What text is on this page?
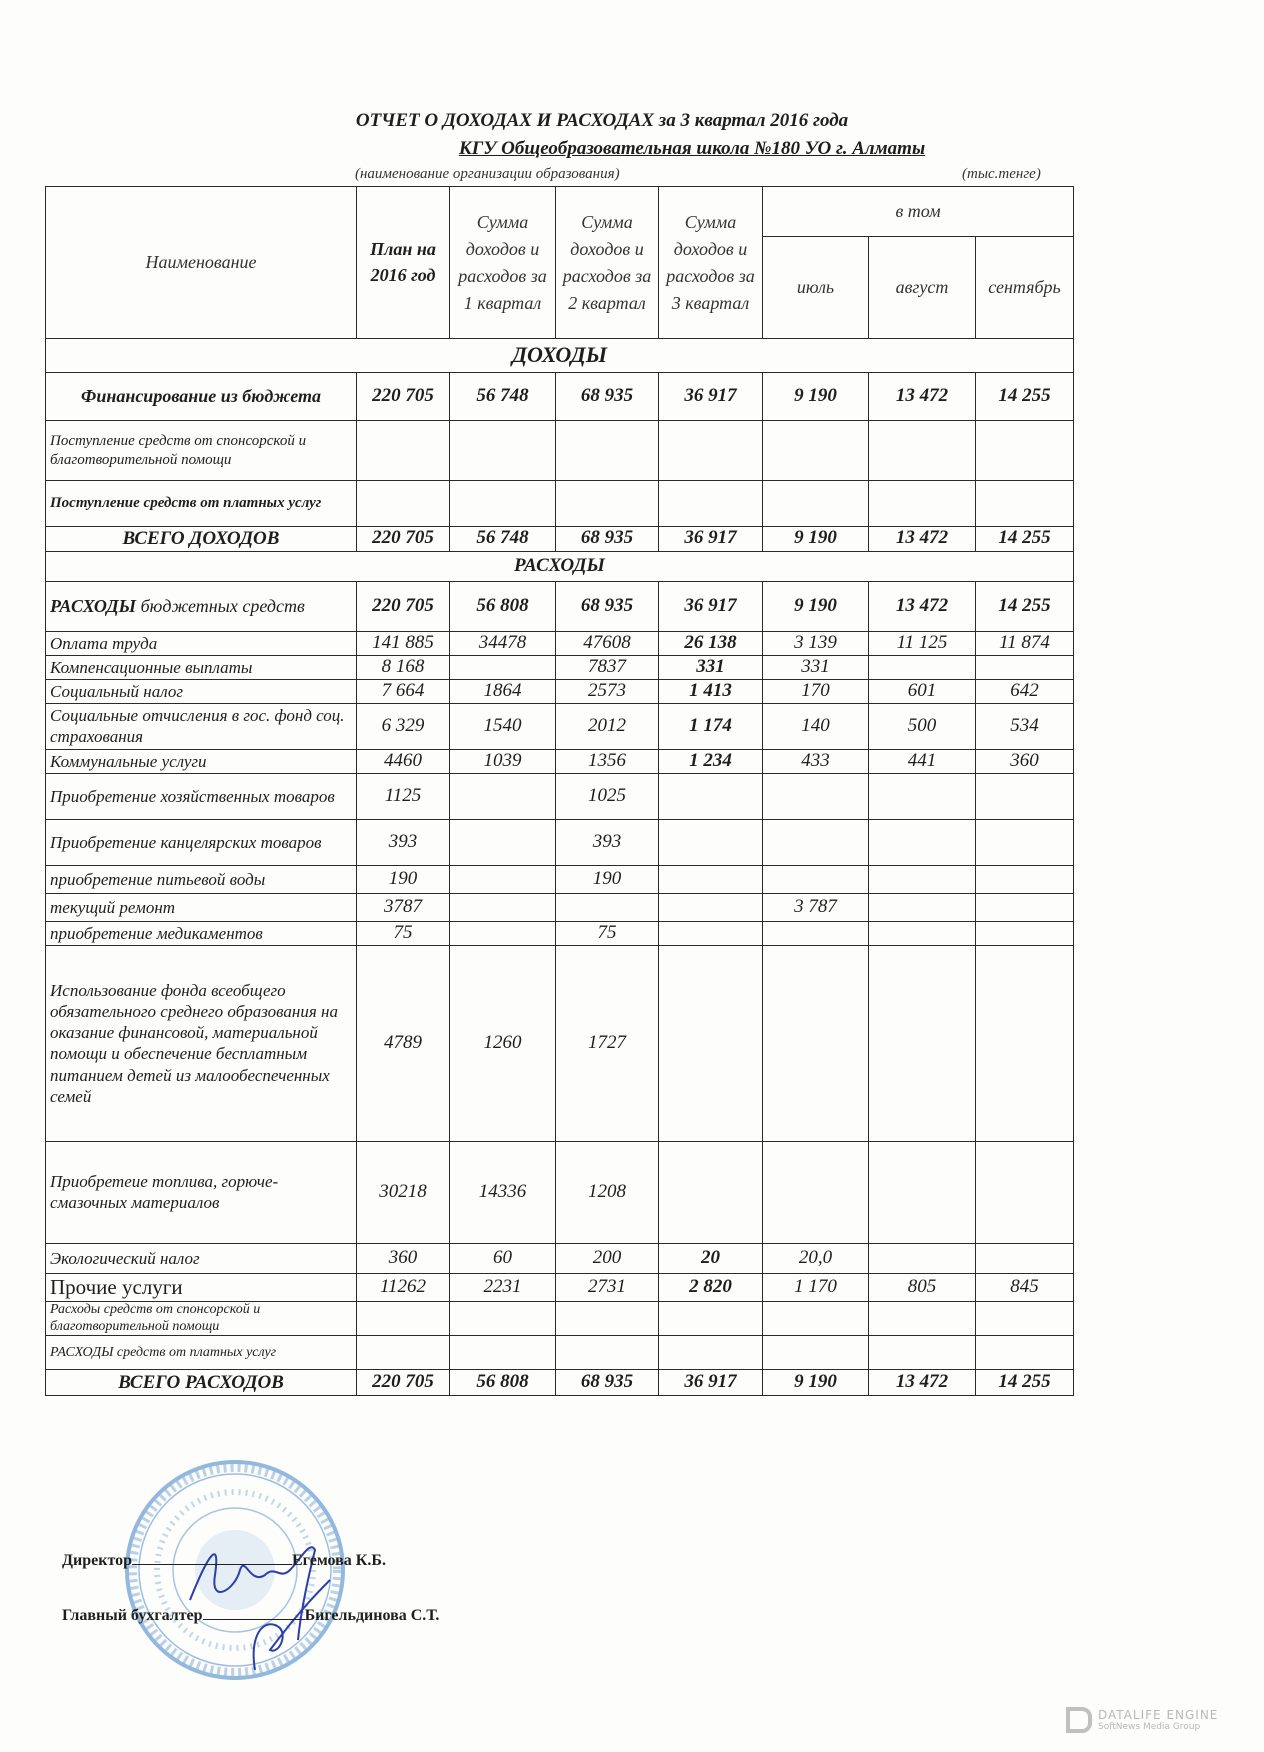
ОТЧЕТ О ДОХОДАХ И РАСХОДАХ за 3 квартал 2016 года
КГУ Общеобразовательная школа №180 УО г. Алматы
(наименование организации образования)	(тыс.тенге)
Наименование	План на 2016 год	Сумма доходов и расходов за 1 квартал	Сумма доходов и расходов за 2 квартал	Сумма доходов и расходов за 3 квартал	в том		
					июль	август	сентябрь
ДОХОДЫ							
Финансирование из бюджета	220 705	56 748	68 935	36 917	9 190	13 472	14 255
Поступление средств от спонсорской и благотворительной помощи							
Поступление средств от платных услуг							
ВСЕГО ДОХОДОВ	220 705	56 748	68 935	36 917	9 190	13 472	14 255
РАСХОДЫ							
РАСХОДЫ бюджетных средств	220 705	56 808	68 935	36 917	9 190	13 472	14 255
Оплата труда	141 885	34478	47608	26 138	3 139	11 125	11 874
Компенсационные выплаты	8 168		7837	331	331		
Социальный налог	7 664	1864	2573	1 413	170	601	642
Социальные отчисления в гос. фонд соц. страхования	6 329	1540	2012	1 174	140	500	534
Коммунальные услуги	4460	1039	1356	1 234	433	441	360
Приобретение хозяйственных товаров	1125		1025				
Приобретение канцелярских товаров	393		393				
приобретение питьевой воды	190		190				
текущий ремонт	3787				3 787		
приобретение медикаментов	75		75				
Использование фонда всеобщего обязательного среднего образования на оказание финансовой, материальной помощи и обеспечение бесплатным питанием детей из малообеспеченных семей	4789	1260	1727				
Приобретеие топлива, горюче-смазочных материалов	30218	14336	1208				
Экологический налог	360	60	200	20	20,0		
Прочие услуги	11262	2231	2731	2 820	1 170	805	845
Расходы средств от спонсорской и благотворительной помощи							
РАСХОДЫ средств от платных услуг							
ВСЕГО РАСХОДОВ	220 705	56 808	68 935	36 917	9 190	13 472	14 255
Директор	Егемова К.Б.
Главный бухгалтер	Бигельдинова С.Т.
DATALIFE ENGINE
SoftNews Media Group
